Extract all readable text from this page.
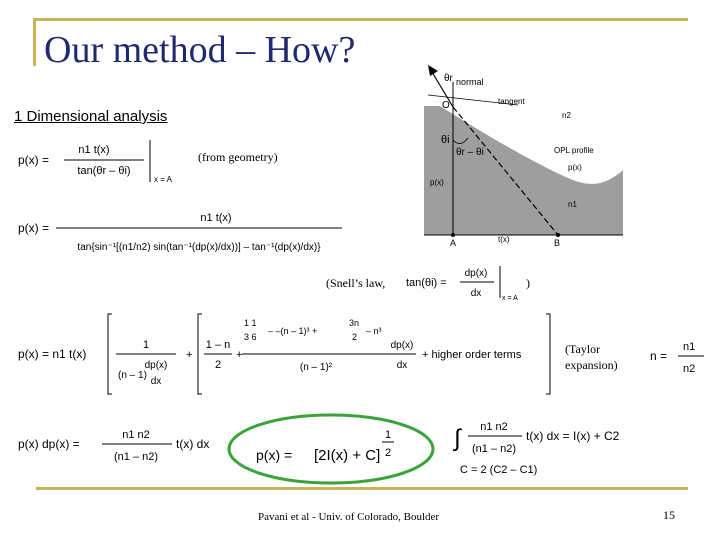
Our method – How?
1 Dimensional analysis
(from geometry)
(Snell’s law,	)
(Taylor
expansion)
C = 2 (C2 – C1)
Pavani et al - Univ. of Colorado, Boulder	15
θr normal
tangent
O
n2
θi
θr – θi	OPL profile
p(x)
p(x)
n1
A	t(x)	B
p(x) =
n1 t(x)
tan(θr – θi)
x = A
p(x) =
n1 t(x)
tan{sin⁻¹[(n1/n2) sin(tan⁻¹(dp(x)/dx))] – tan⁻¹(dp(x)/dx)}
tan(θi) =
dp(x)
dx	x = A
p(x) = n1 t(x)
1
dp(x)
(n – 1)
dx
+
1 – n
2
+
1 1
3 6
– –(n – 1)³ +
3n
2
– n³
(n – 1)²
dp(x)
dx
+ higher order terms	n =
n1
n2
p(x) dp(x) =
n1 n2
(n1 – n2)
t(x) dx
p(x) = [2I(x) + C]
1
2
∫ n1 n2
(n1 – n2)
t(x) dx = I(x) + C2
